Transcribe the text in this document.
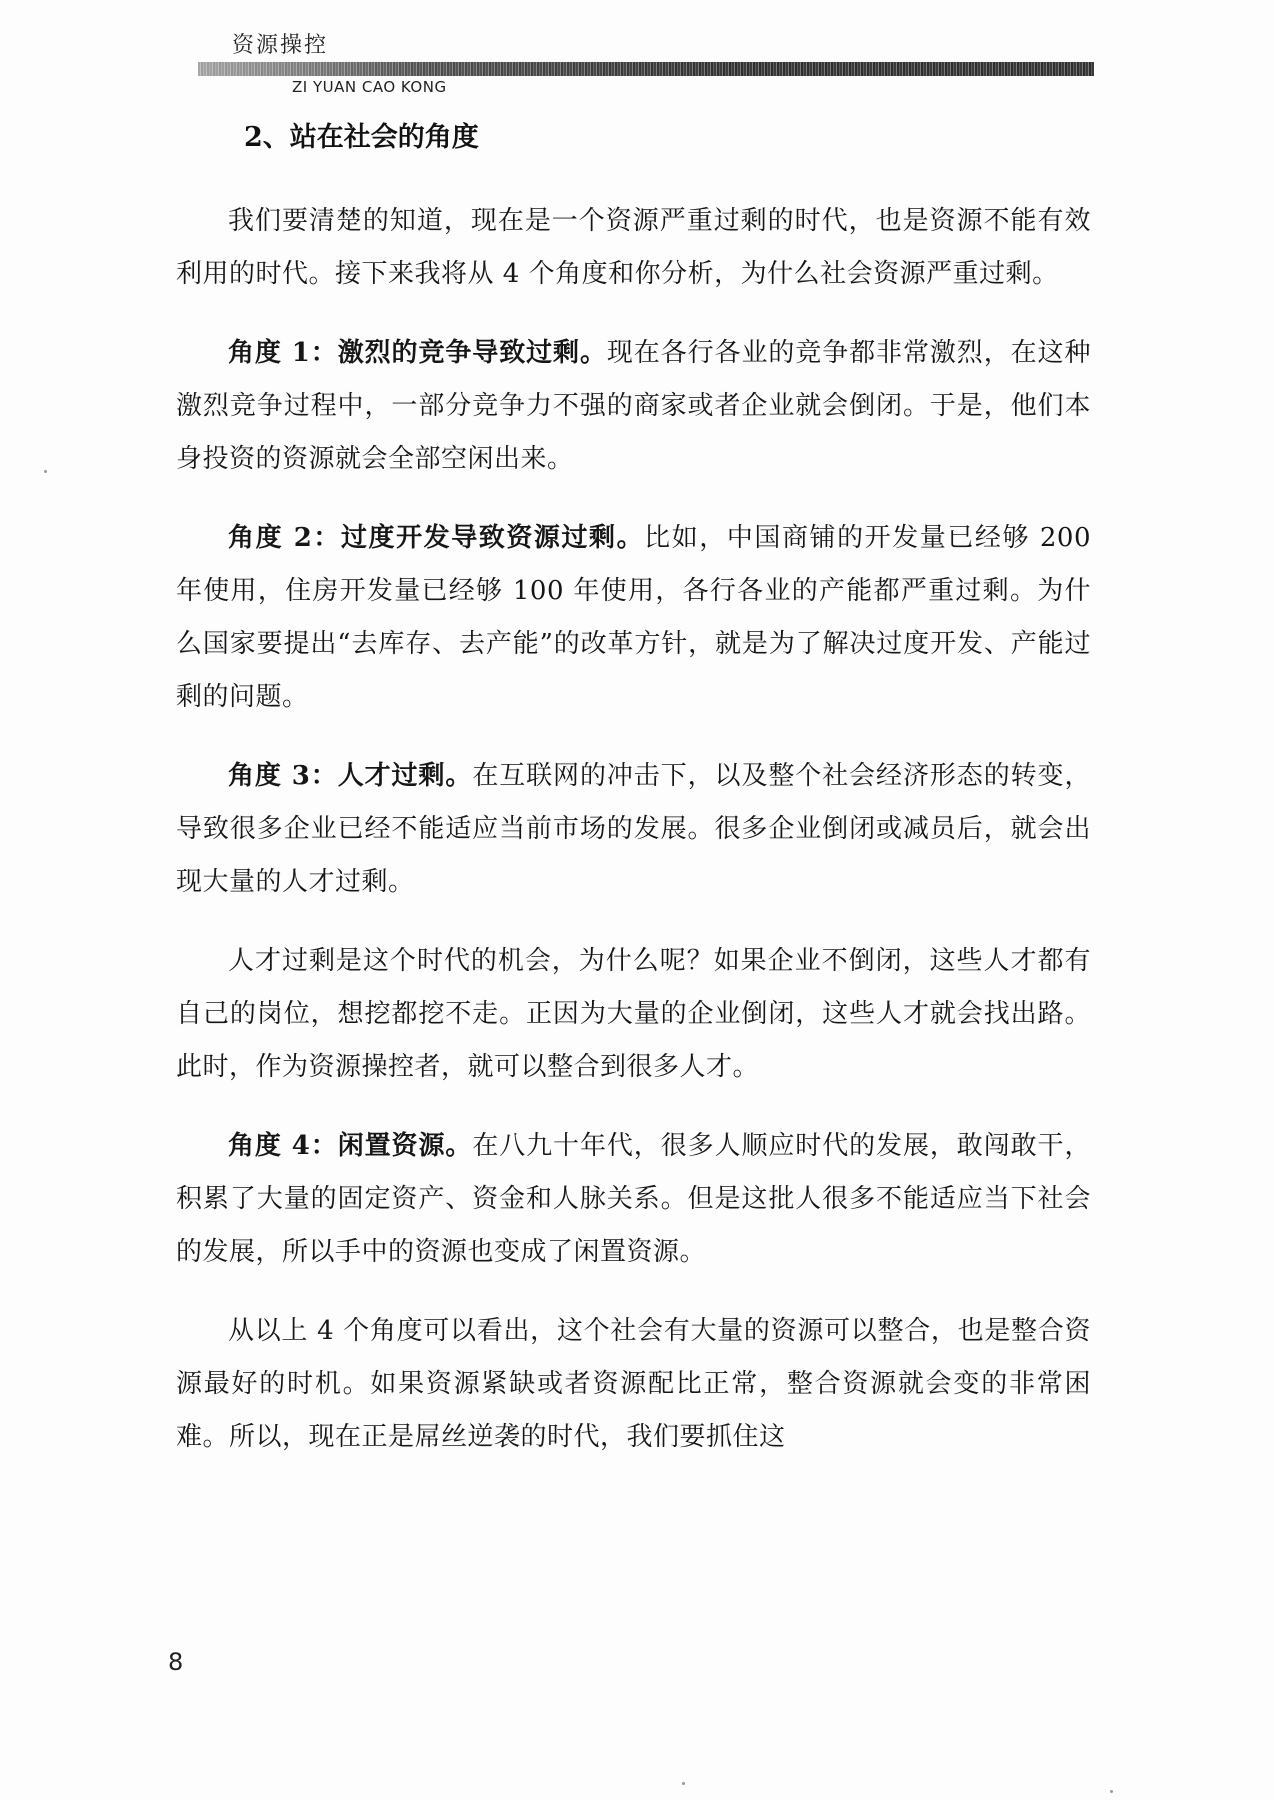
资源操控
ZI YUAN CAO KONG
2、站在社会的角度

我们要清楚的知道，现在是一个资源严重过剩的时代，也是资源不能有效利用的时代。接下来我将从 4 个角度和你分析，为什么社会资源严重过剩。

角度 1：激烈的竞争导致过剩。现在各行各业的竞争都非常激烈，在这种激烈竞争过程中，一部分竞争力不强的商家或者企业就会倒闭。于是，他们本身投资的资源就会全部空闲出来。

角度 2：过度开发导致资源过剩。比如，中国商铺的开发量已经够 200 年使用，住房开发量已经够 100 年使用，各行各业的产能都严重过剩。为什么国家要提出“去库存、去产能”的改革方针，就是为了解决过度开发、产能过剩的问题。

角度 3：人才过剩。在互联网的冲击下，以及整个社会经济形态的转变，导致很多企业已经不能适应当前市场的发展。很多企业倒闭或减员后，就会出现大量的人才过剩。

人才过剩是这个时代的机会，为什么呢？如果企业不倒闭，这些人才都有自己的岗位，想挖都挖不走。正因为大量的企业倒闭，这些人才就会找出路。此时，作为资源操控者，就可以整合到很多人才。

角度 4：闲置资源。在八九十年代，很多人顺应时代的发展，敢闯敢干，积累了大量的固定资产、资金和人脉关系。但是这批人很多不能适应当下社会的发展，所以手中的资源也变成了闲置资源。

从以上 4 个角度可以看出，这个社会有大量的资源可以整合，也是整合资源最好的时机。如果资源紧缺或者资源配比正常，整合资源就会变的非常困难。所以，现在正是屌丝逆袭的时代，我们要抓住这

8
